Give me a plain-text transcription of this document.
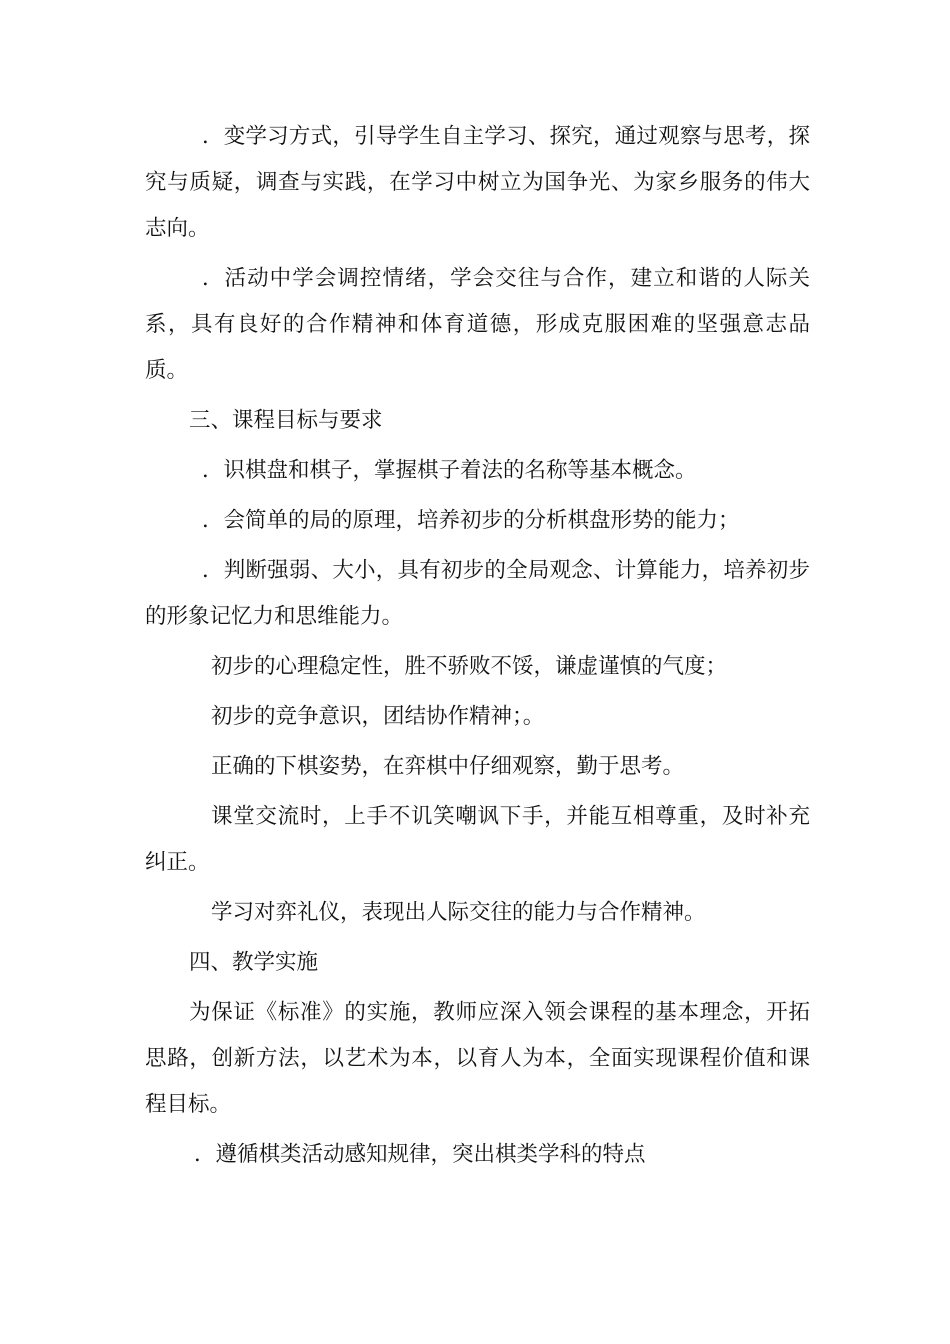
．变学习方式，引导学生自主学习、探究，通过观察与思考，探究与质疑，调查与实践，在学习中树立为国争光、为家乡服务的伟大志向。

．活动中学会调控情绪，学会交往与合作，建立和谐的人际关系，具有良好的合作精神和体育道德，形成克服困难的坚强意志品质。

三、课程目标与要求

．识棋盘和棋子，掌握棋子着法的名称等基本概念。

．会简单的局的原理，培养初步的分析棋盘形势的能力；

．判断强弱、大小，具有初步的全局观念、计算能力，培养初步的形象记忆力和思维能力。

初步的心理稳定性，胜不骄败不馁，谦虚谨慎的气度；

初步的竞争意识，团结协作精神；。

正确的下棋姿势，在弈棋中仔细观察，勤于思考。

课堂交流时，上手不讥笑嘲讽下手，并能互相尊重，及时补充纠正。

学习对弈礼仪，表现出人际交往的能力与合作精神。

四、教学实施

为保证《标准》的实施，教师应深入领会课程的基本理念，开拓思路，创新方法，以艺术为本，以育人为本，全面实现课程价值和课程目标。

．遵循棋类活动感知规律，突出棋类学科的特点
